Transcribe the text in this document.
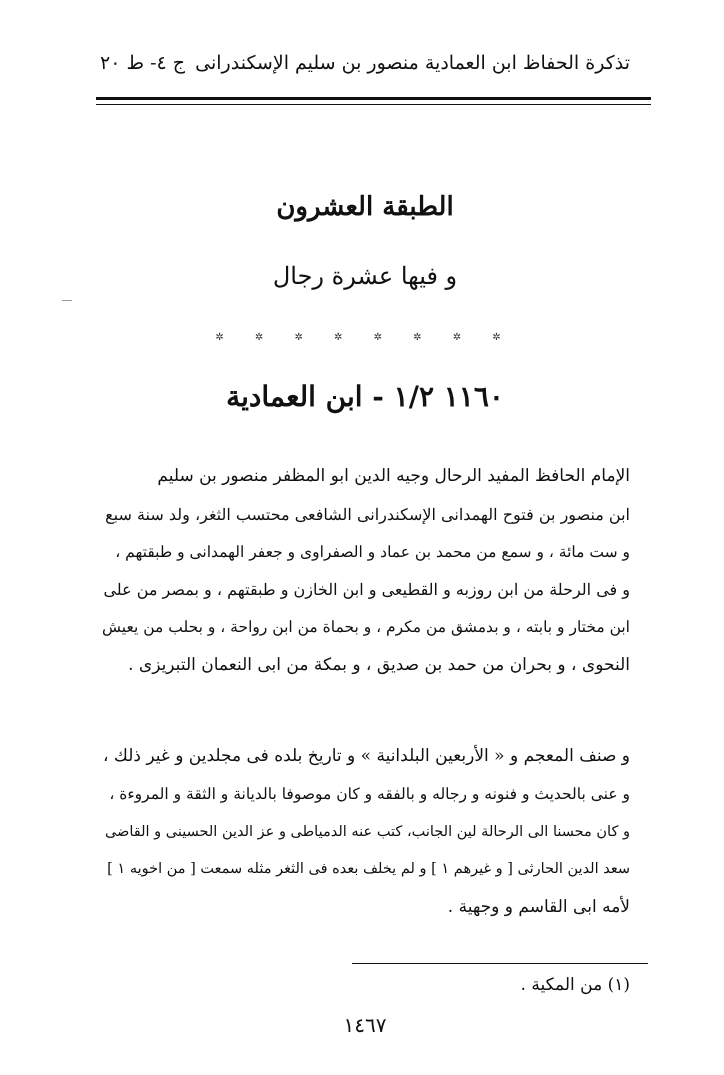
تذكرة الحفاظ ابن العمادية منصور بن سليم الإسكندرانى
ج ٤- ط ٢٠
الطبقة العشرون
و فيها عشرة رجال
✲ ✲ ✲ ✲ ✲ ✲ ✲ ✲
١١٦٠ ١/٢ - ابن العمادية
الإمام الحافظ المفيد الرحال وجيه الدين ابو المظفر منصور بن سليم
ابن منصور بن فتوح الهمدانى الإسكندرانى الشافعى محتسب الثغر، ولد سنة سبع
و ست مائة ، و سمع من محمد بن عماد و الصفراوى و جعفر الهمدانى و طبقتهم ،
و فى الرحلة من ابن روزبه و القطيعى و ابن الخازن و طبقتهم ، و بمصر من على
ابن مختار و بابته ، و بدمشق من مكرم ، و بحماة من ابن رواحة ، و بحلب من يعيش
النحوى ، و بحران من حمد بن صديق ، و بمكة من ابى النعمان التبريزى .
و صنف المعجم و « الأربعين البلدانية » و تاريخ بلده فى مجلدين و غير ذلك ،
و عنى بالحديث و فنونه و رجاله و بالفقه و كان موصوفا بالديانة و الثقة و المروءة ،
و كان محسنا الى الرحالة لين الجانب، كتب عنه الدمياطى و عز الدين الحسينى و القاضى
سعد الدين الحارثى [ و غيرهم ١ ] و لم يخلف بعده فى الثغر مثله سمعت [ من اخويه ١ ]
لأمه ابى القاسم و وجهية .
(١) من المكية .
١٤٦٧
